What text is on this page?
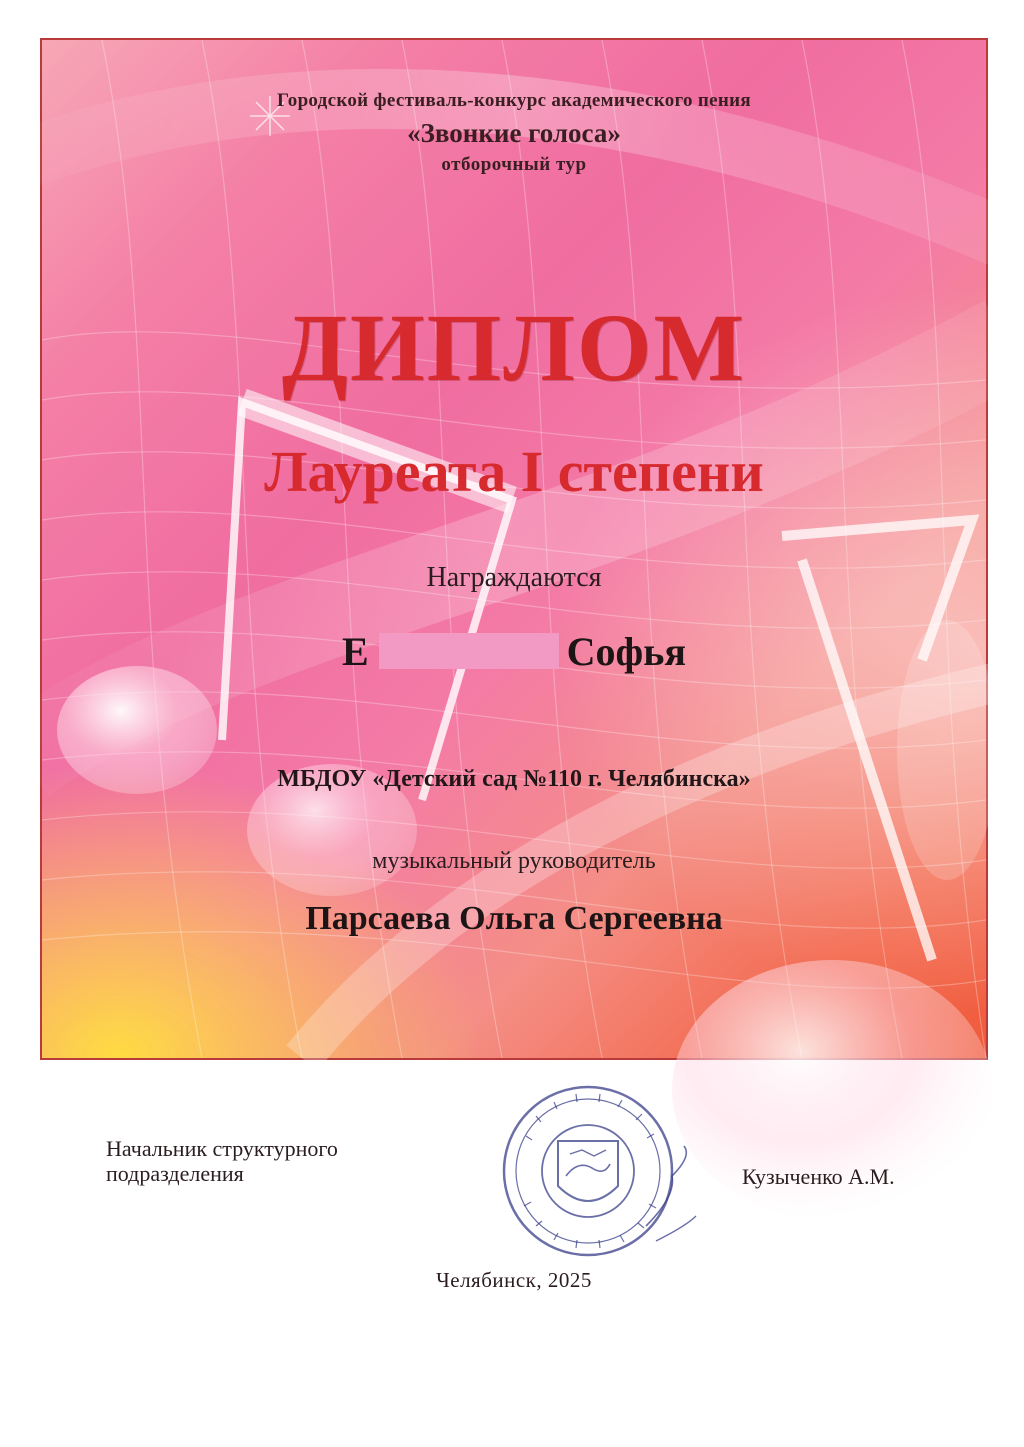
Городской фестиваль-конкурс академического пения
«Звонкие голоса»
отборочный тур
ДИПЛОМ
Лауреата I степени
Награждаются
Е	Софья
МБДОУ «Детский сад №110 г. Челябинска»
музыкальный руководитель
Парсаева Ольга Сергеевна
Начальник структурного
подразделения	Кузыченко А.М.
Челябинск, 2025
